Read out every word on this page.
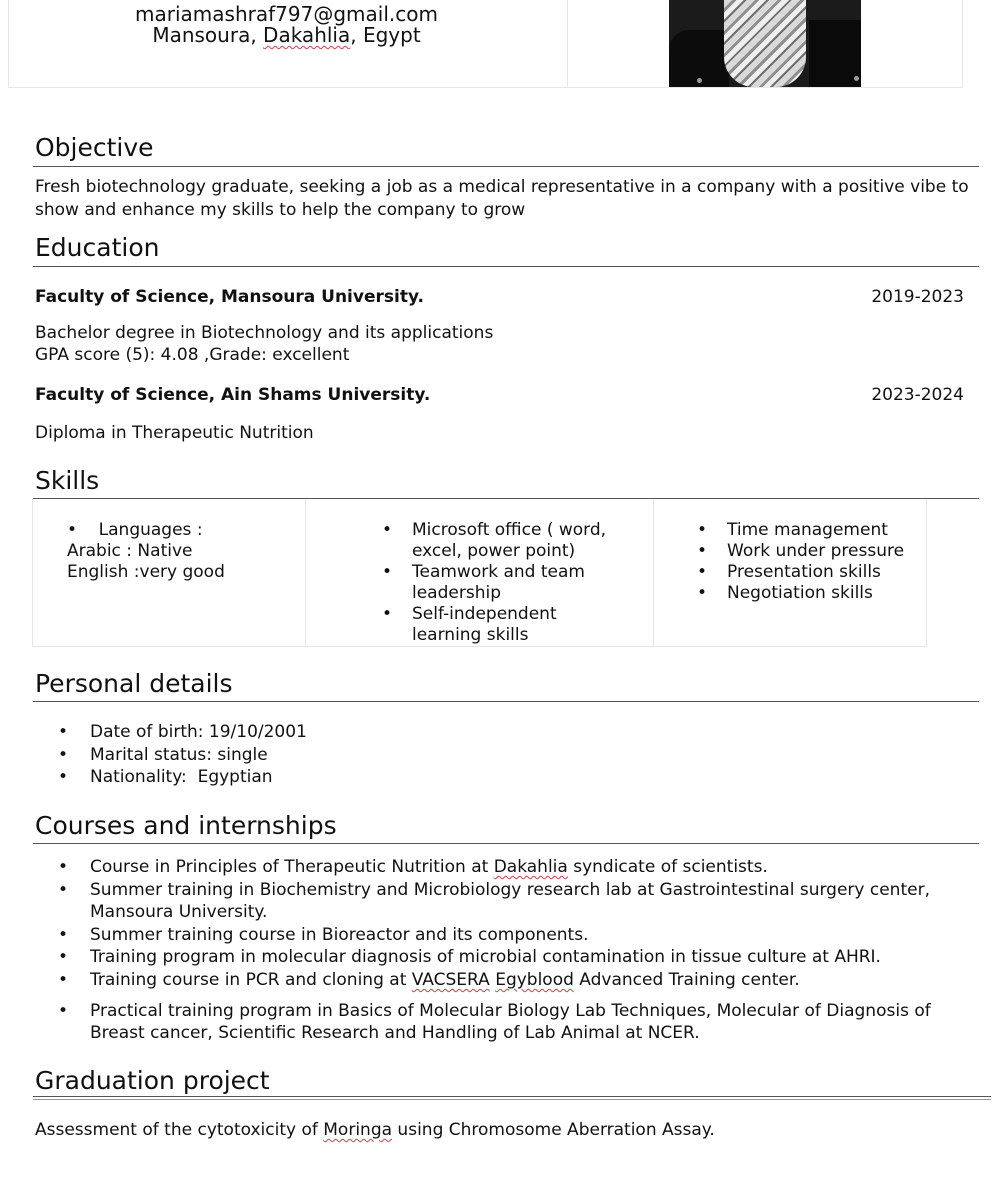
mariamashraf797@gmail.com
Mansoura, Dakahlia, Egypt
Objective

Fresh biotechnology graduate, seeking a job as a medical representative in a company with a positive vibe to

show and enhance my skills to help the company to grow

Education

Faculty of Science, Mansoura University.	2019-2023

Bachelor degree in Biotechnology and its applications

GPA score (5): 4.08 ,Grade: excellent

Faculty of Science, Ain Shams University.	2023-2024

Diploma in Therapeutic Nutrition

Skills
•    Languages :
Arabic : Native
English :very good
• Microsoft office ( word,
excel, power point)
• Teamwork and team
leadership
• Self-independent
learning skills
• Time management
• Work under pressure
• Presentation skills
• Negotiation skills
Personal details
• Date of birth: 19/10/2001
• Marital status: single
• Nationality:  Egyptian
Courses and internships
• Course in Principles of Therapeutic Nutrition at Dakahlia syndicate of scientists.
• Summer training in Biochemistry and Microbiology research lab at Gastrointestinal surgery center,
Mansoura University.
• Summer training course in Bioreactor and its components.
• Training program in molecular diagnosis of microbial contamination in tissue culture at AHRI.
• Training course in PCR and cloning at VACSERA Egyblood Advanced Training center.
• Practical training program in Basics of Molecular Biology Lab Techniques, Molecular of Diagnosis of
Breast cancer, Scientific Research and Handling of Lab Animal at NCER.
Graduation project

Assessment of the cytotoxicity of Moringa using Chromosome Aberration Assay.
